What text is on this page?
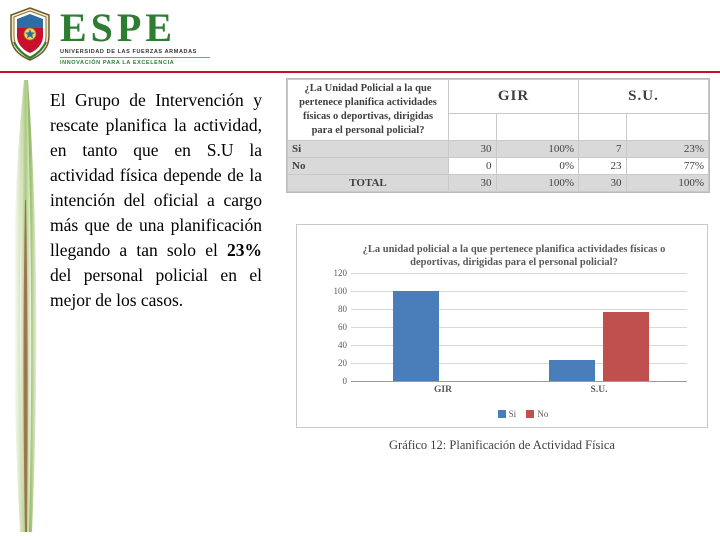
ESPE
UNIVERSIDAD DE LAS FUERZAS ARMADAS
INNOVACIÓN PARA LA EXCELENCIA
El Grupo de Intervención y rescate planifica la actividad, en tanto que en S.U la actividad física depende de la intención del oficial a cargo más que de una planificación llegando a tan solo el 23% del personal policial en el mejor de los casos.
¿La Unidad Policial a la que pertenece planifica actividades físicas o deportivas, dirigidas para el personal policial?	GIR		S.U.	

Si	30	100%	7	23%
No	0	0%	23	77%
TOTAL	30	100%	30	100%
¿La unidad policial a la que pertenece planifica actividades físicas o deportivas, dirigidas para el personal policial?
120
100
80
60
40
20
0
GIR	S.U.
Si No
Gráfico 12: Planificación de Actividad Física
